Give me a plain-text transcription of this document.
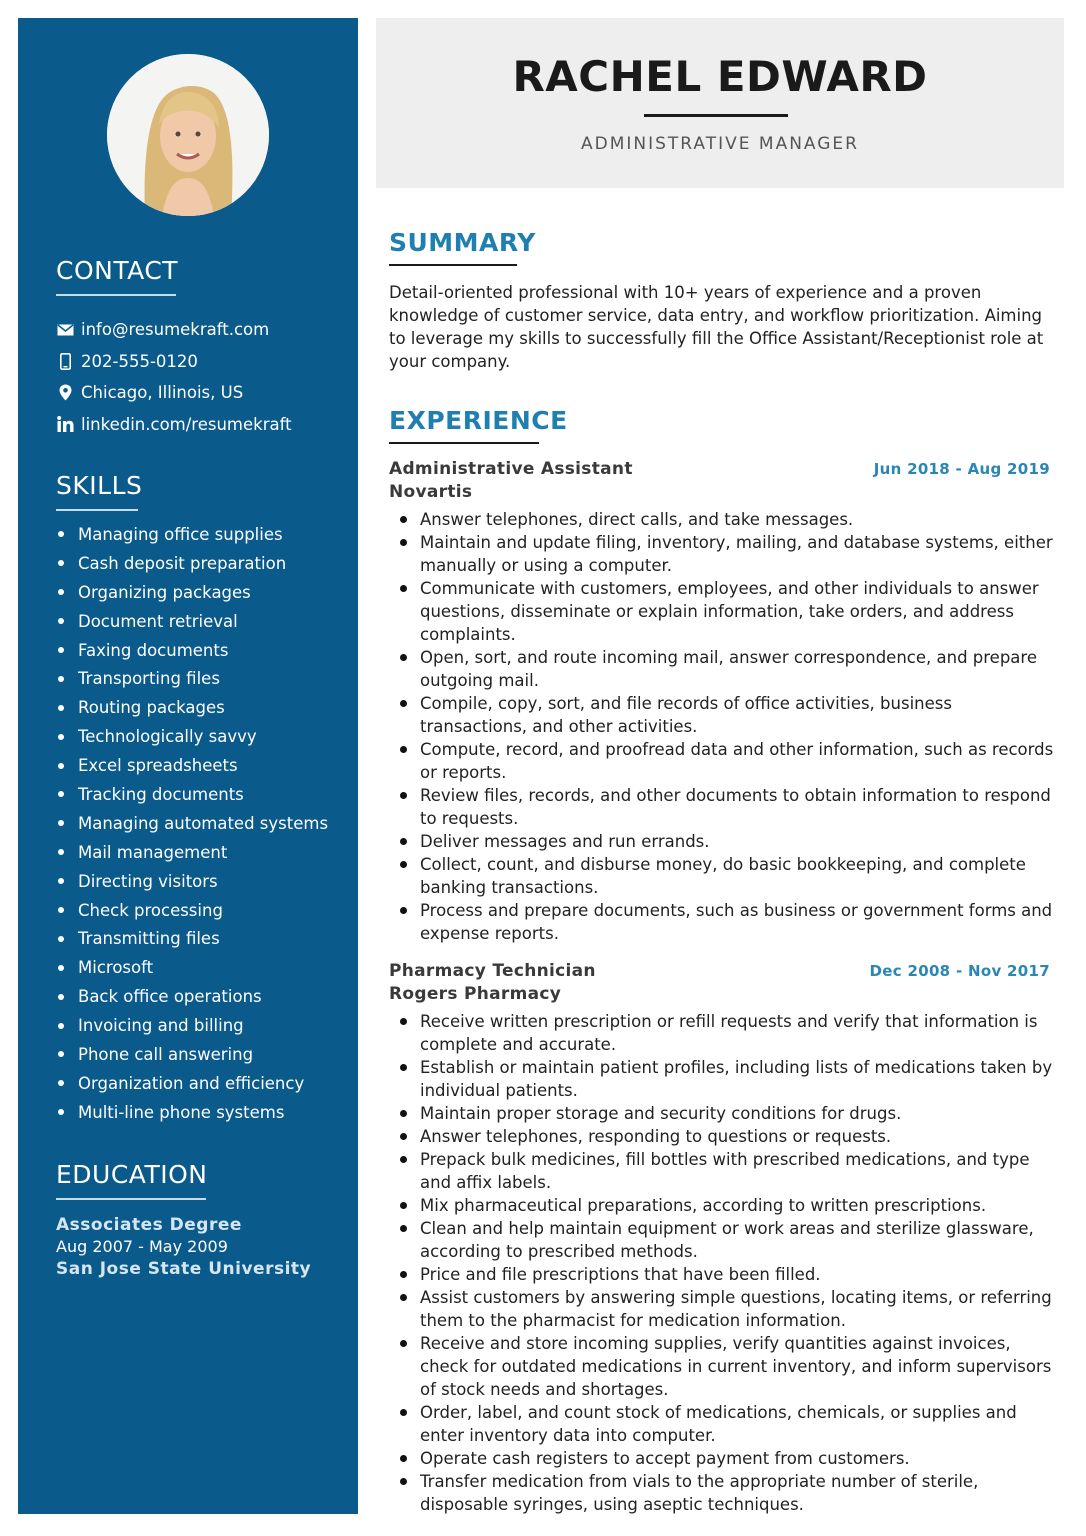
CONTACT
info@resumekraft.com
202-555-0120
Chicago, Illinois, US
linkedin.com/resumekraft
SKILLS
Managing office supplies
Cash deposit preparation
Organizing packages
Document retrieval
Faxing documents
Transporting files
Routing packages
Technologically savvy
Excel spreadsheets
Tracking documents
Managing automated systems
Mail management
Directing visitors
Check processing
Transmitting files
Microsoft
Back office operations
Invoicing and billing
Phone call answering
Organization and efficiency
Multi-line phone systems
EDUCATION
Associates Degree
Aug 2007 - May 2009
San Jose State University
RACHEL EDWARD
ADMINISTRATIVE MANAGER
SUMMARY

Detail-oriented professional with 10+ years of experience and a proven knowledge of customer service, data entry, and workflow prioritization. Aiming to leverage my skills to successfully fill the Office Assistant/Receptionist role at your company.

EXPERIENCE
Administrative Assistant	Jun 2018 - Aug 2019
Novartis
Answer telephones, direct calls, and take messages.
Maintain and update filing, inventory, mailing, and database systems, either manually or using a computer.
Communicate with customers, employees, and other individuals to answer questions, disseminate or explain information, take orders, and address complaints.
Open, sort, and route incoming mail, answer correspondence, and prepare outgoing mail.
Compile, copy, sort, and file records of office activities, business transactions, and other activities.
Compute, record, and proofread data and other information, such as records or reports.
Review files, records, and other documents to obtain information to respond to requests.
Deliver messages and run errands.
Collect, count, and disburse money, do basic bookkeeping, and complete banking transactions.
Process and prepare documents, such as business or government forms and expense reports.
Pharmacy Technician	Dec 2008 - Nov 2017
Rogers Pharmacy
Receive written prescription or refill requests and verify that information is complete and accurate.
Establish or maintain patient profiles, including lists of medications taken by individual patients.
Maintain proper storage and security conditions for drugs.
Answer telephones, responding to questions or requests.
Prepack bulk medicines, fill bottles with prescribed medications, and type and affix labels.
Mix pharmaceutical preparations, according to written prescriptions.
Clean and help maintain equipment or work areas and sterilize glassware, according to prescribed methods.
Price and file prescriptions that have been filled.
Assist customers by answering simple questions, locating items, or referring them to the pharmacist for medication information.
Receive and store incoming supplies, verify quantities against invoices, check for outdated medications in current inventory, and inform supervisors of stock needs and shortages.
Order, label, and count stock of medications, chemicals, or supplies and enter inventory data into computer.
Operate cash registers to accept payment from customers.
Transfer medication from vials to the appropriate number of sterile, disposable syringes, using aseptic techniques.
